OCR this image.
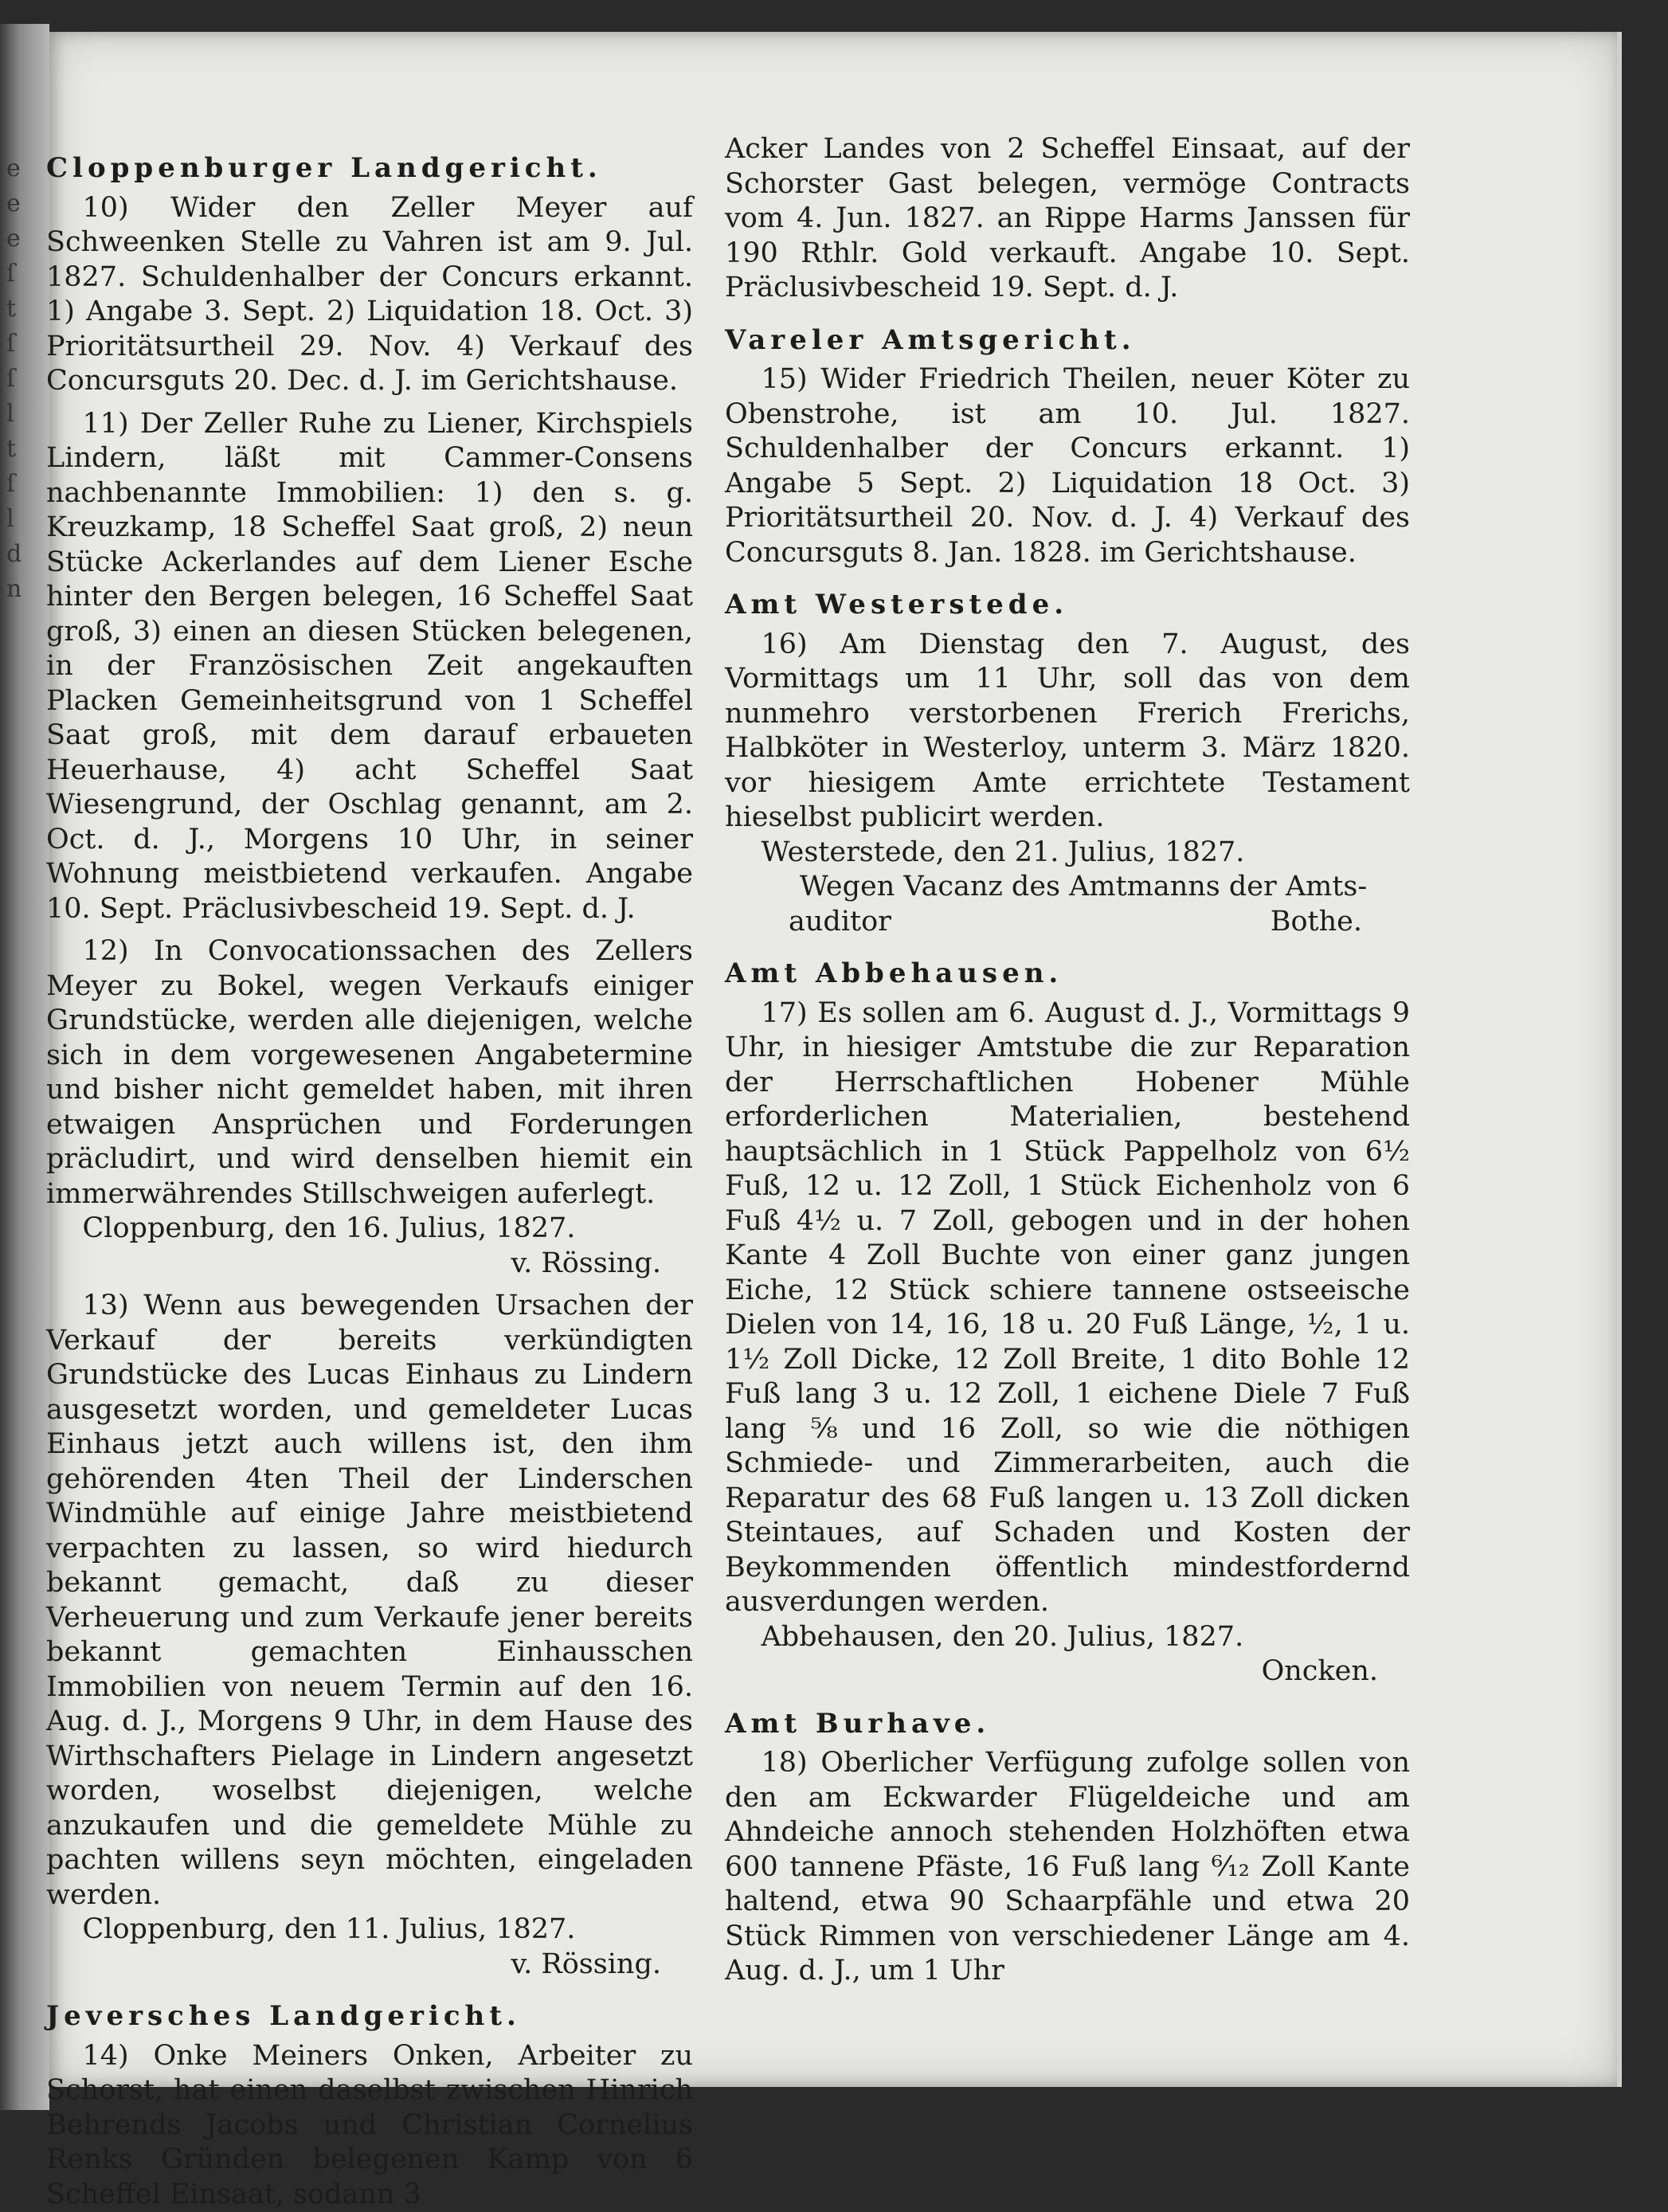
e
e
e
ſ
t
ſ
ſ
l
t
ſ
l
d
n
Cloppenburger Landgericht.

10) Wider den Zeller Meyer auf Schweenken Stelle zu Vahren ist am 9. Jul. 1827. Schuldenhalber der Concurs erkannt. 1) Angabe 3. Sept. 2) Liquidation 18. Oct. 3) Prioritätsurtheil 29. Nov. 4) Verkauf des Concursguts 20. Dec. d. J. im Gerichtshause.

11) Der Zeller Ruhe zu Liener, Kirchspiels Lindern, läßt mit Cammer-Consens nachbenannte Immobilien: 1) den s. g. Kreuzkamp, 18 Scheffel Saat groß, 2) neun Stücke Ackerlandes auf dem Liener Esche hinter den Bergen belegen, 16 Scheffel Saat groß, 3) einen an diesen Stücken belegenen, in der Französischen Zeit angekauften Placken Gemeinheitsgrund von 1 Scheffel Saat groß, mit dem darauf erbaueten Heuerhause, 4) acht Scheffel Saat Wiesengrund, der Oschlag genannt, am 2. Oct. d. J., Morgens 10 Uhr, in seiner Wohnung meistbietend verkaufen. Angabe 10. Sept. Präclusivbescheid 19. Sept. d. J.

12) In Convocationssachen des Zellers Meyer zu Bokel, wegen Verkaufs einiger Grundstücke, werden alle diejenigen, welche sich in dem vorgewesenen Angabetermine und bisher nicht gemeldet haben, mit ihren etwaigen Ansprüchen und Forderungen präcludirt, und wird denselben hiemit ein immerwährendes Stillschweigen auferlegt.

Cloppenburg, den 16. Julius, 1827.

v. Rössing.

13) Wenn aus bewegenden Ursachen der Verkauf der bereits verkündigten Grundstücke des Lucas Einhaus zu Lindern ausgesetzt worden, und gemeldeter Lucas Einhaus jetzt auch willens ist, den ihm gehörenden 4ten Theil der Linderschen Windmühle auf einige Jahre meistbietend verpachten zu lassen, so wird hiedurch bekannt gemacht, daß zu dieser Verheuerung und zum Verkaufe jener bereits bekannt gemachten Einhausschen Immobilien von neuem Termin auf den 16. Aug. d. J., Morgens 9 Uhr, in dem Hause des Wirthschafters Pielage in Lindern angesetzt worden, woselbst diejenigen, welche anzukaufen und die gemeldete Mühle zu pachten willens seyn möchten, eingeladen werden.

Cloppenburg, den 11. Julius, 1827.

v. Rössing.

Jeversches Landgericht.

14) Onke Meiners Onken, Arbeiter zu Schorst, hat einen daselbst zwischen Hinrich Behrends Jacobs und Christian Cornelius Renks Gründen belegenen Kamp von 6 Scheffel Einsaat, sodann 3

Acker Landes von 2 Scheffel Einsaat, auf der Schorster Gast belegen, vermöge Contracts vom 4. Jun. 1827. an Rippe Harms Janssen für 190 Rthlr. Gold verkauft. Angabe 10. Sept. Präclusivbescheid 19. Sept. d. J.

Vareler Amtsgericht.

15) Wider Friedrich Theilen, neuer Köter zu Obenstrohe, ist am 10. Jul. 1827. Schuldenhalber der Concurs erkannt. 1) Angabe 5 Sept. 2) Liquidation 18 Oct. 3) Prioritätsurtheil 20. Nov. d. J. 4) Verkauf des Concursguts 8. Jan. 1828. im Gerichtshause.

Amt Westerstede.

16) Am Dienstag den 7. August, des Vormittags um 11 Uhr, soll das von dem nunmehro verstorbenen Frerich Frerichs, Halbköter in Westerloy, unterm 3. März 1820. vor hiesigem Amte errichtete Testament hieselbst publicirt werden.

Westerstede, den 21. Julius, 1827.

Wegen Vacanz des Amtmanns der Amts-

auditor	Bothe.
Amt Abbehausen.

17) Es sollen am 6. August d. J., Vormittags 9 Uhr, in hiesiger Amtstube die zur Reparation der Herrschaftlichen Hobener Mühle erforderlichen Materialien, bestehend hauptsächlich in 1 Stück Pappelholz von 6½ Fuß, 12 u. 12 Zoll, 1 Stück Eichenholz von 6 Fuß 4½ u. 7 Zoll, gebogen und in der hohen Kante 4 Zoll Buchte von einer ganz jungen Eiche, 12 Stück schiere tannene ostseeische Dielen von 14, 16, 18 u. 20 Fuß Länge, ½, 1 u. 1½ Zoll Dicke, 12 Zoll Breite, 1 dito Bohle 12 Fuß lang 3 u. 12 Zoll, 1 eichene Diele 7 Fuß lang ⅝ und 16 Zoll, so wie die nöthigen Schmiede- und Zimmerarbeiten, auch die Reparatur des 68 Fuß langen u. 13 Zoll dicken Steintaues, auf Schaden und Kosten der Beykommenden öffentlich mindestfordernd ausverdungen werden.

Abbehausen, den 20. Julius, 1827.

Oncken.

Amt Burhave.

18) Oberlicher Verfügung zufolge sollen von den am Eckwarder Flügeldeiche und am Ahndeiche annoch stehenden Holzhöften etwa 600 tannene Pfäste, 16 Fuß lang ⁶⁄₁₂ Zoll Kante haltend, etwa 90 Schaarpfähle und etwa 20 Stück Rimmen von verschiedener Länge am 4. Aug. d. J., um 1 Uhr
